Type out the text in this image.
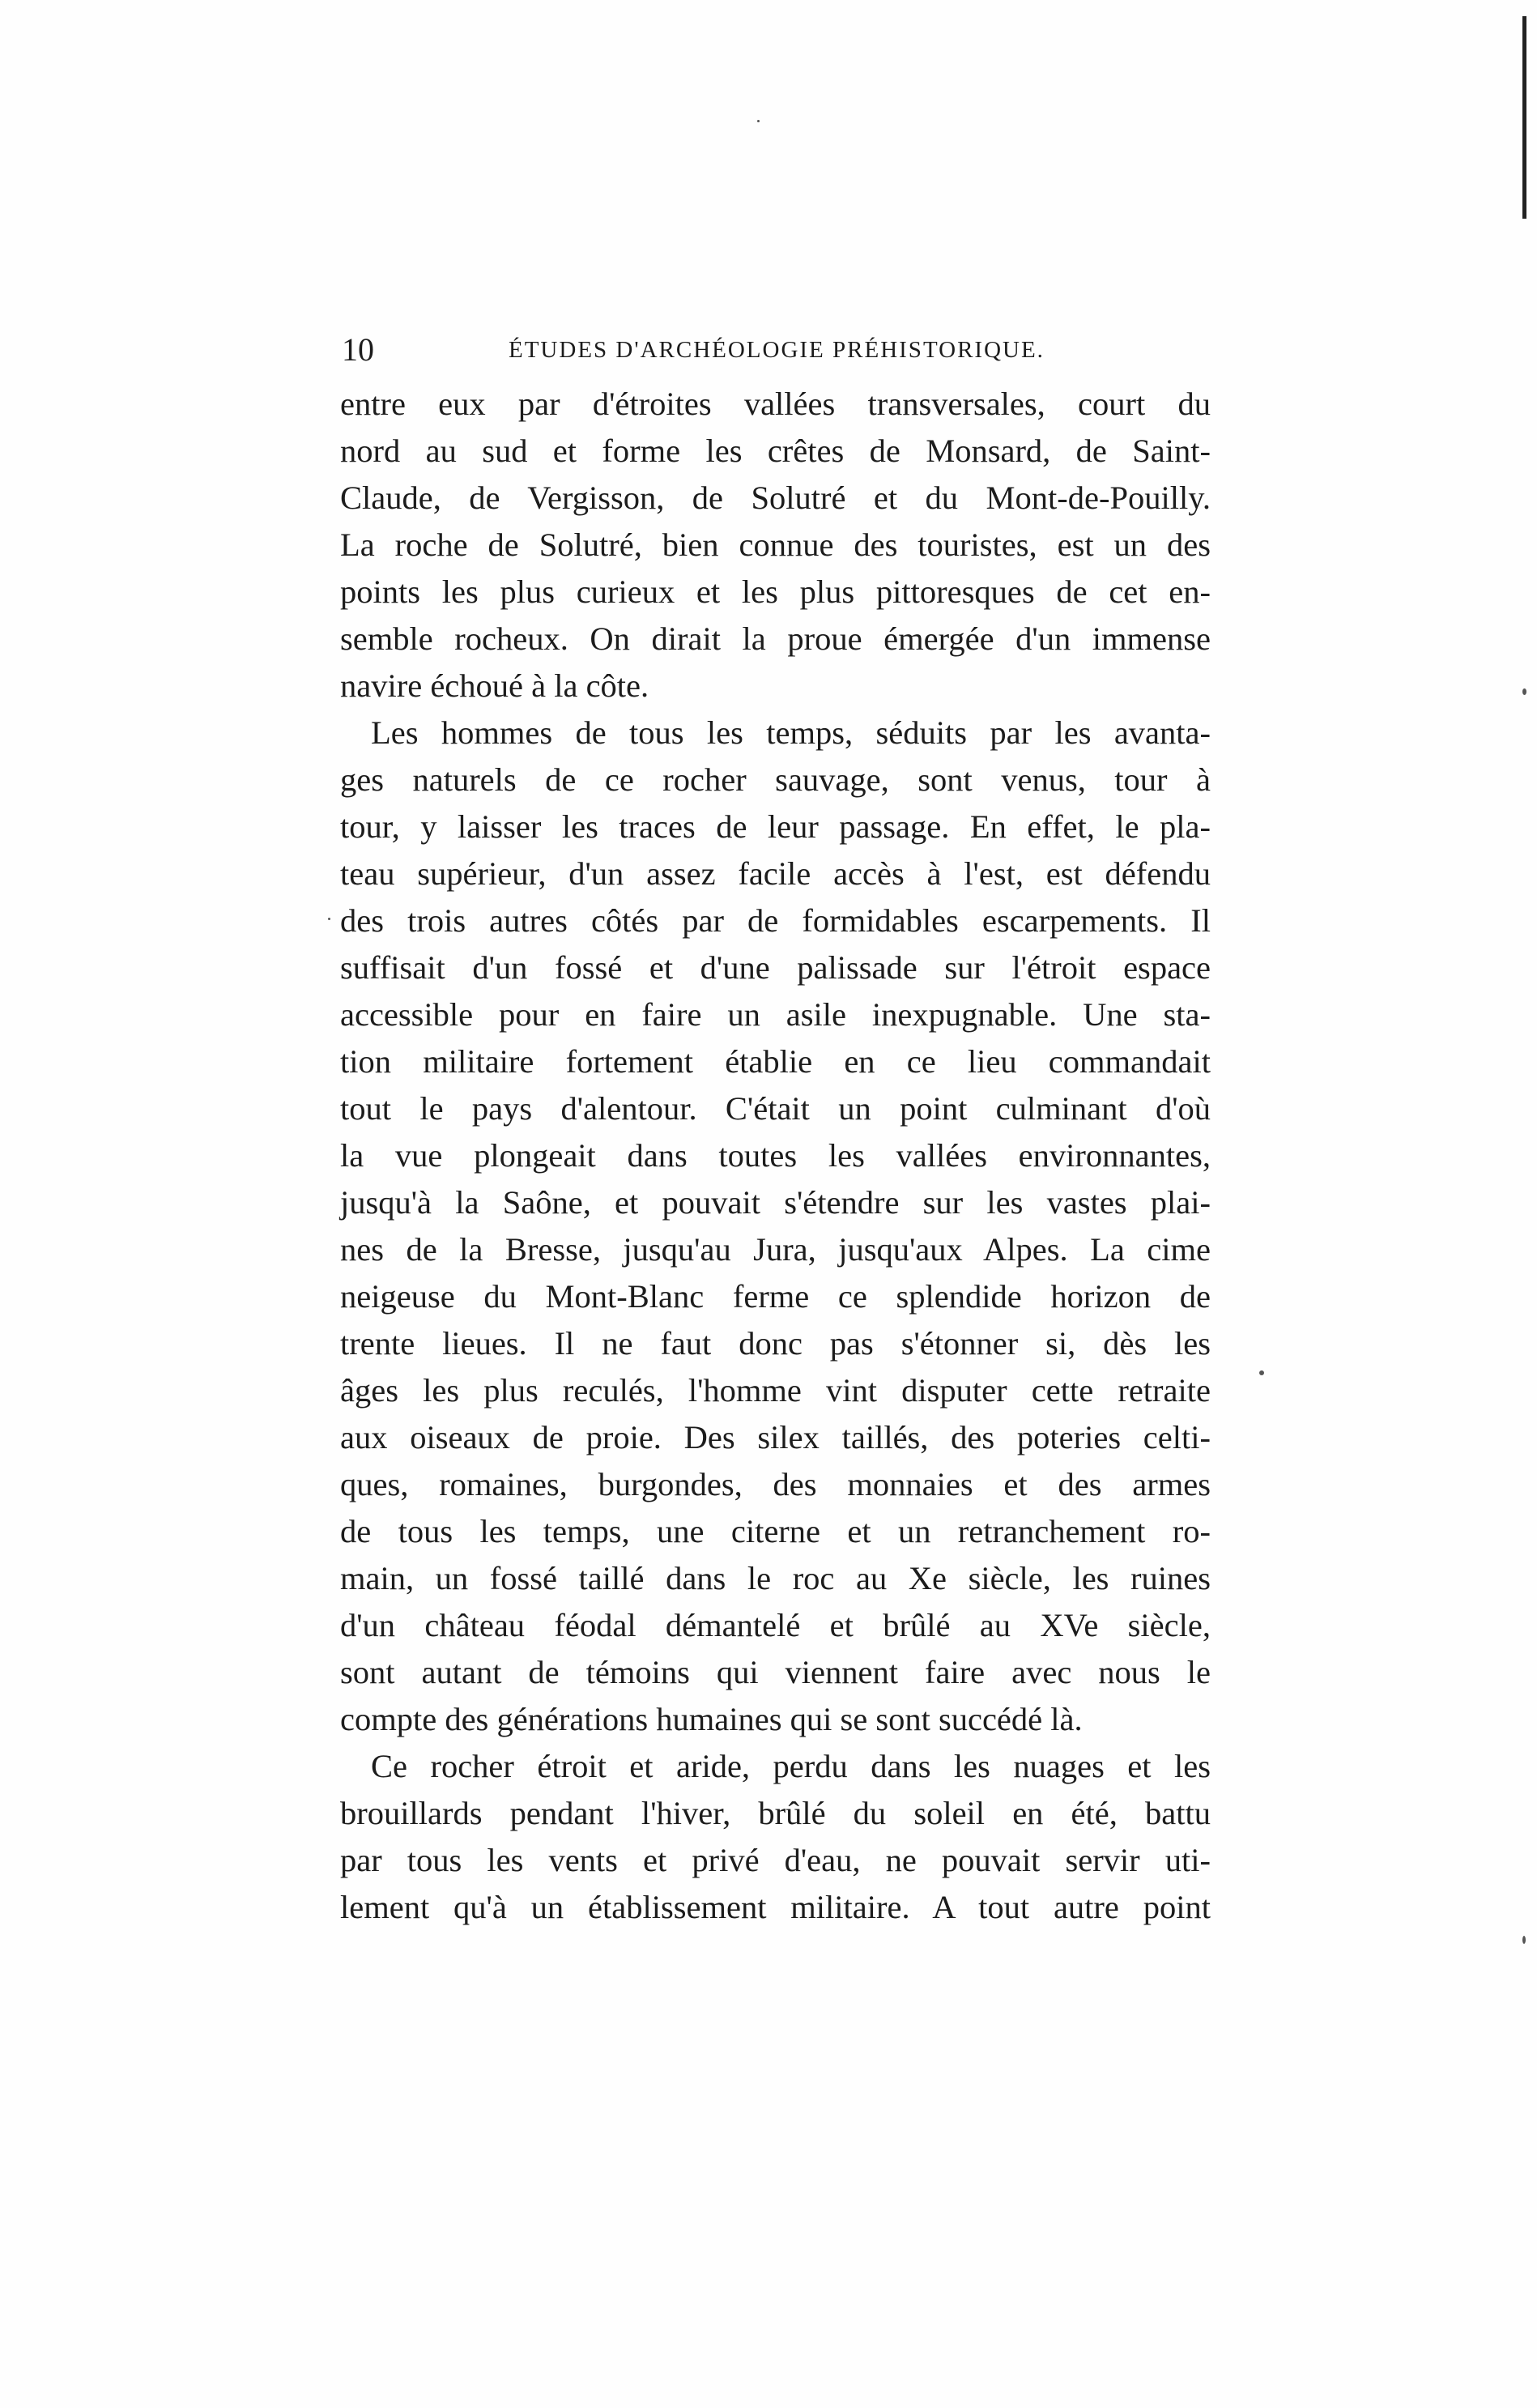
10	ÉTUDES D'ARCHÉOLOGIE PRÉHISTORIQUE.
entre eux par d'étroites vallées transversales, court du
nord au sud et forme les crêtes de Monsard, de Saint-
Claude, de Vergisson, de Solutré et du Mont-de-Pouilly.
La roche de Solutré, bien connue des touristes, est un des
points les plus curieux et les plus pittoresques de cet en-
semble rocheux. On dirait la proue émergée d'un immense
navire échoué à la côte.
Les hommes de tous les temps, séduits par les avanta-
ges naturels de ce rocher sauvage, sont venus, tour à
tour, y laisser les traces de leur passage. En effet, le pla-
teau supérieur, d'un assez facile accès à l'est, est défendu
des trois autres côtés par de formidables escarpements. Il
suffisait d'un fossé et d'une palissade sur l'étroit espace
accessible pour en faire un asile inexpugnable. Une sta-
tion militaire fortement établie en ce lieu commandait
tout le pays d'alentour. C'était un point culminant d'où
la vue plongeait dans toutes les vallées environnantes,
jusqu'à la Saône, et pouvait s'étendre sur les vastes plai-
nes de la Bresse, jusqu'au Jura, jusqu'aux Alpes. La cime
neigeuse du Mont-Blanc ferme ce splendide horizon de
trente lieues. Il ne faut donc pas s'étonner si, dès les
âges les plus reculés, l'homme vint disputer cette retraite
aux oiseaux de proie. Des silex taillés, des poteries celti-
ques, romaines, burgondes, des monnaies et des armes
de tous les temps, une citerne et un retranchement ro-
main, un fossé taillé dans le roc au Xe siècle, les ruines
d'un château féodal démantelé et brûlé au XVe siècle,
sont autant de témoins qui viennent faire avec nous le
compte des générations humaines qui se sont succédé là.
Ce rocher étroit et aride, perdu dans les nuages et les
brouillards pendant l'hiver, brûlé du soleil en été, battu
par tous les vents et privé d'eau, ne pouvait servir uti-
lement qu'à un établissement militaire. A tout autre point
